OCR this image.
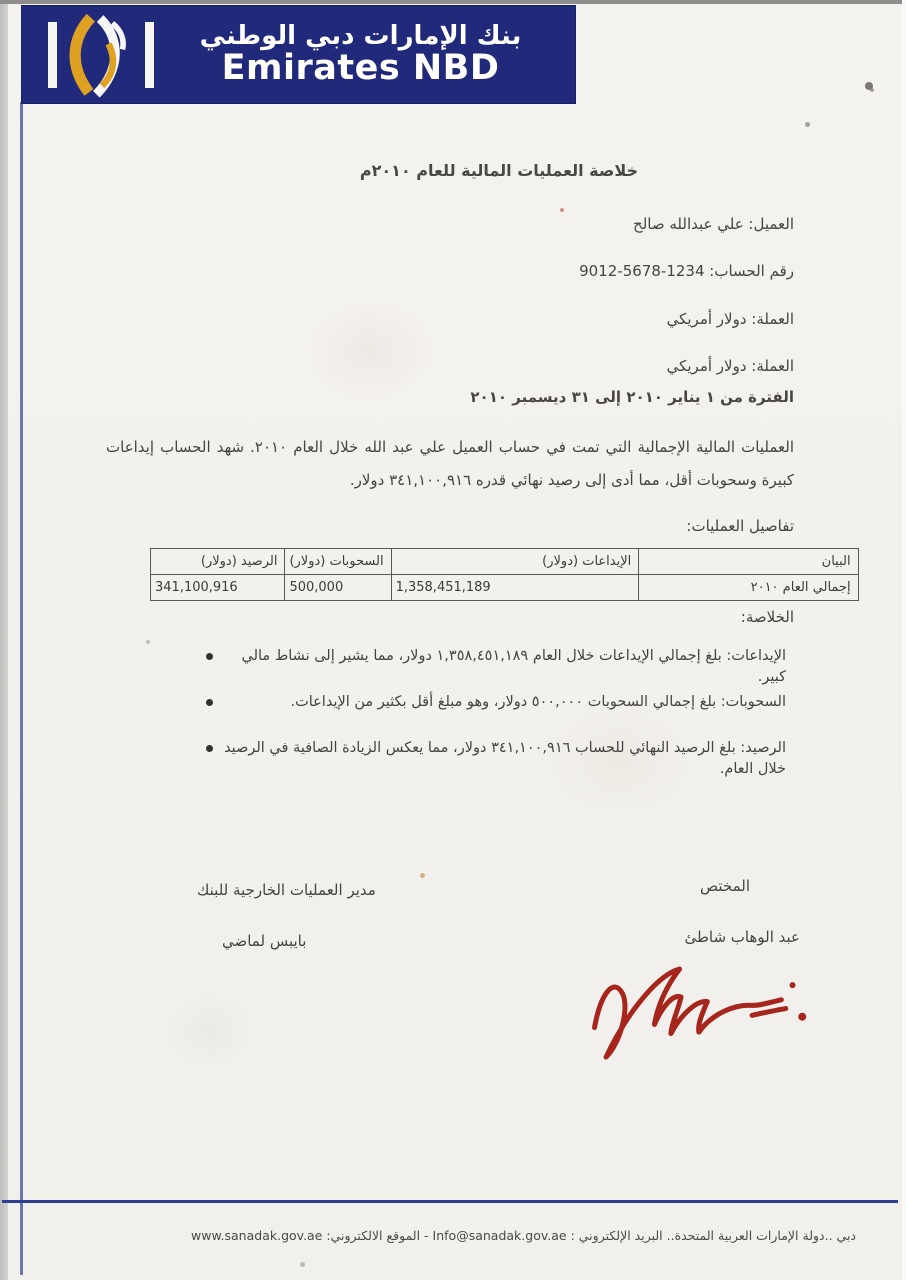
بنك الإمارات دبي الوطني
Emirates NBD
خلاصة العمليات المالية للعام ٢٠١٠م
العميل: علي عبدالله صالح
رقم الحساب: 1234-5678-9012
العملة: دولار أمريكي
العملة: دولار أمريكي
الفترة من ١ يناير ٢٠١٠ إلى ٣١ ديسمبر ٢٠١٠
العمليات المالية الإجمالية التي تمت في حساب العميل علي عبد الله خلال العام ٢٠١٠. شهد الحساب إيداعات كبيرة وسحوبات أقل، مما أدى إلى رصيد نهائي قدره ٣٤١,١٠٠,٩١٦ دولار.
تفاصيل العمليات:
البيان	الإيداعات (دولار)	السحوبات (دولار)	الرصيد (دولار)
إجمالي العام ٢٠١٠	1,358,451,189	500,000	341,100,916
الخلاصة:
الإيداعات: بلغ إجمالي الإيداعات خلال العام ١,٣٥٨,٤٥١,١٨٩ دولار، مما يشير إلى نشاط مالي كبير.
السحوبات: بلغ إجمالي السحوبات ٥٠٠,٠٠٠ دولار، وهو مبلغ أقل بكثير من الإيداعات.
الرصيد: بلغ الرصيد النهائي للحساب ٣٤١,١٠٠,٩١٦ دولار، مما يعكس الزيادة الصافية في الرصيد خلال العام.
المختص
عبد الوهاب شاطئ
مدير العمليات الخارجية للبنك
بايبس لماضي
دبي ..دولة الإمارات العربية المتحدة.. البريد الإلكتروني : Info@sanadak.gov.ae - الموقع الالكتروني: www.sanadak.gov.ae
